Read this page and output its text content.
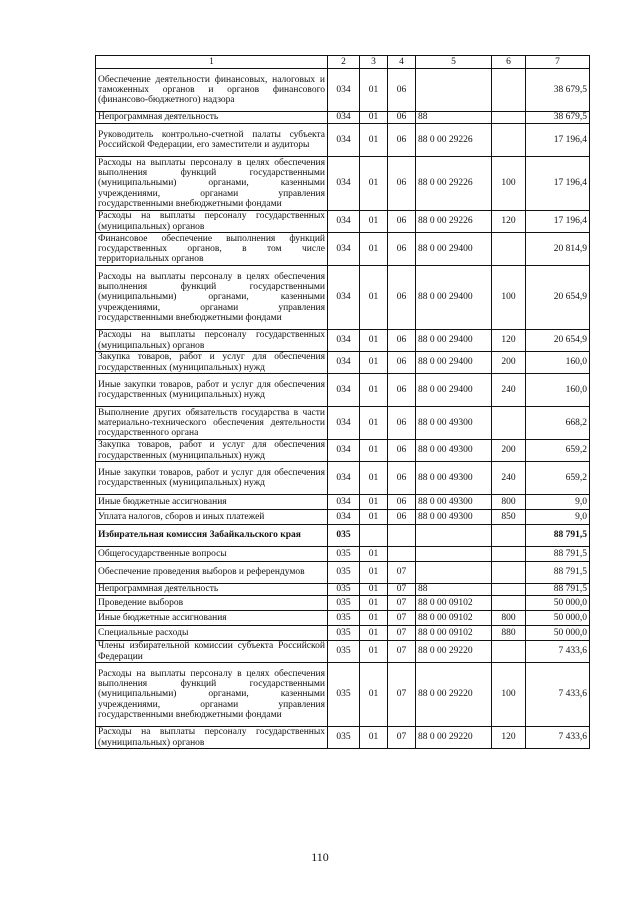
1	2	3	4	5	6	7
Обеспечение деятельности финансовых, налоговых и таможенных органов и органов финансового (финансово-бюджетного) надзора	034	01	06			38 679,5
Непрограммная деятельность	034	01	06	88		38 679,5
Руководитель контрольно-счетной палаты субъекта Российской Федерации, его заместители и аудиторы	034	01	06	88 0 00 29226		17 196,4
Расходы на выплаты персоналу в целях обеспечения выполнения функций государственными (муниципальными) органами, казенными учреждениями, органами управления государственными внебюджетными фондами	034	01	06	88 0 00 29226	100	17 196,4
Расходы на выплаты персоналу государственных (муниципальных) органов	034	01	06	88 0 00 29226	120	17 196,4
Финансовое обеспечение выполнения функций государственных органов, в том числе территориальных органов	034	01	06	88 0 00 29400		20 814,9
Расходы на выплаты персоналу в целях обеспечения выполнения функций государственными (муниципальными) органами, казенными учреждениями, органами управления государственными внебюджетными фондами	034	01	06	88 0 00 29400	100	20 654,9
Расходы на выплаты персоналу государственных (муниципальных) органов	034	01	06	88 0 00 29400	120	20 654,9
Закупка товаров, работ и услуг для обеспечения государственных (муниципальных) нужд	034	01	06	88 0 00 29400	200	160,0
Иные закупки товаров, работ и услуг для обеспечения государственных (муниципальных) нужд	034	01	06	88 0 00 29400	240	160,0
Выполнение других обязательств государства в части материально-технического обеспечения деятельности государственного органа	034	01	06	88 0 00 49300		668,2
Закупка товаров, работ и услуг для обеспечения государственных (муниципальных) нужд	034	01	06	88 0 00 49300	200	659,2
Иные закупки товаров, работ и услуг для обеспечения государственных (муниципальных) нужд	034	01	06	88 0 00 49300	240	659,2
Иные бюджетные ассигнования	034	01	06	88 0 00 49300	800	9,0
Уплата налогов, сборов и иных платежей	034	01	06	88 0 00 49300	850	9,0
Избирательная комиссия Забайкальского края	035					88 791,5
Общегосударственные вопросы	035	01				88 791,5
Обеспечение проведения выборов и референдумов	035	01	07			88 791,5
Непрограммная деятельность	035	01	07	88		88 791,5
Проведение выборов	035	01	07	88 0 00 09102		50 000,0
Иные бюджетные ассигнования	035	01	07	88 0 00 09102	800	50 000,0
Специальные расходы	035	01	07	88 0 00 09102	880	50 000,0
Члены избирательной комиссии субъекта Российской Федерации	035	01	07	88 0 00 29220		7 433,6
Расходы на выплаты персоналу в целях обеспечения выполнения функций государственными (муниципальными) органами, казенными учреждениями, органами управления государственными внебюджетными фондами	035	01	07	88 0 00 29220	100	7 433,6
Расходы на выплаты персоналу государственных (муниципальных) органов	035	01	07	88 0 00 29220	120	7 433,6
110
